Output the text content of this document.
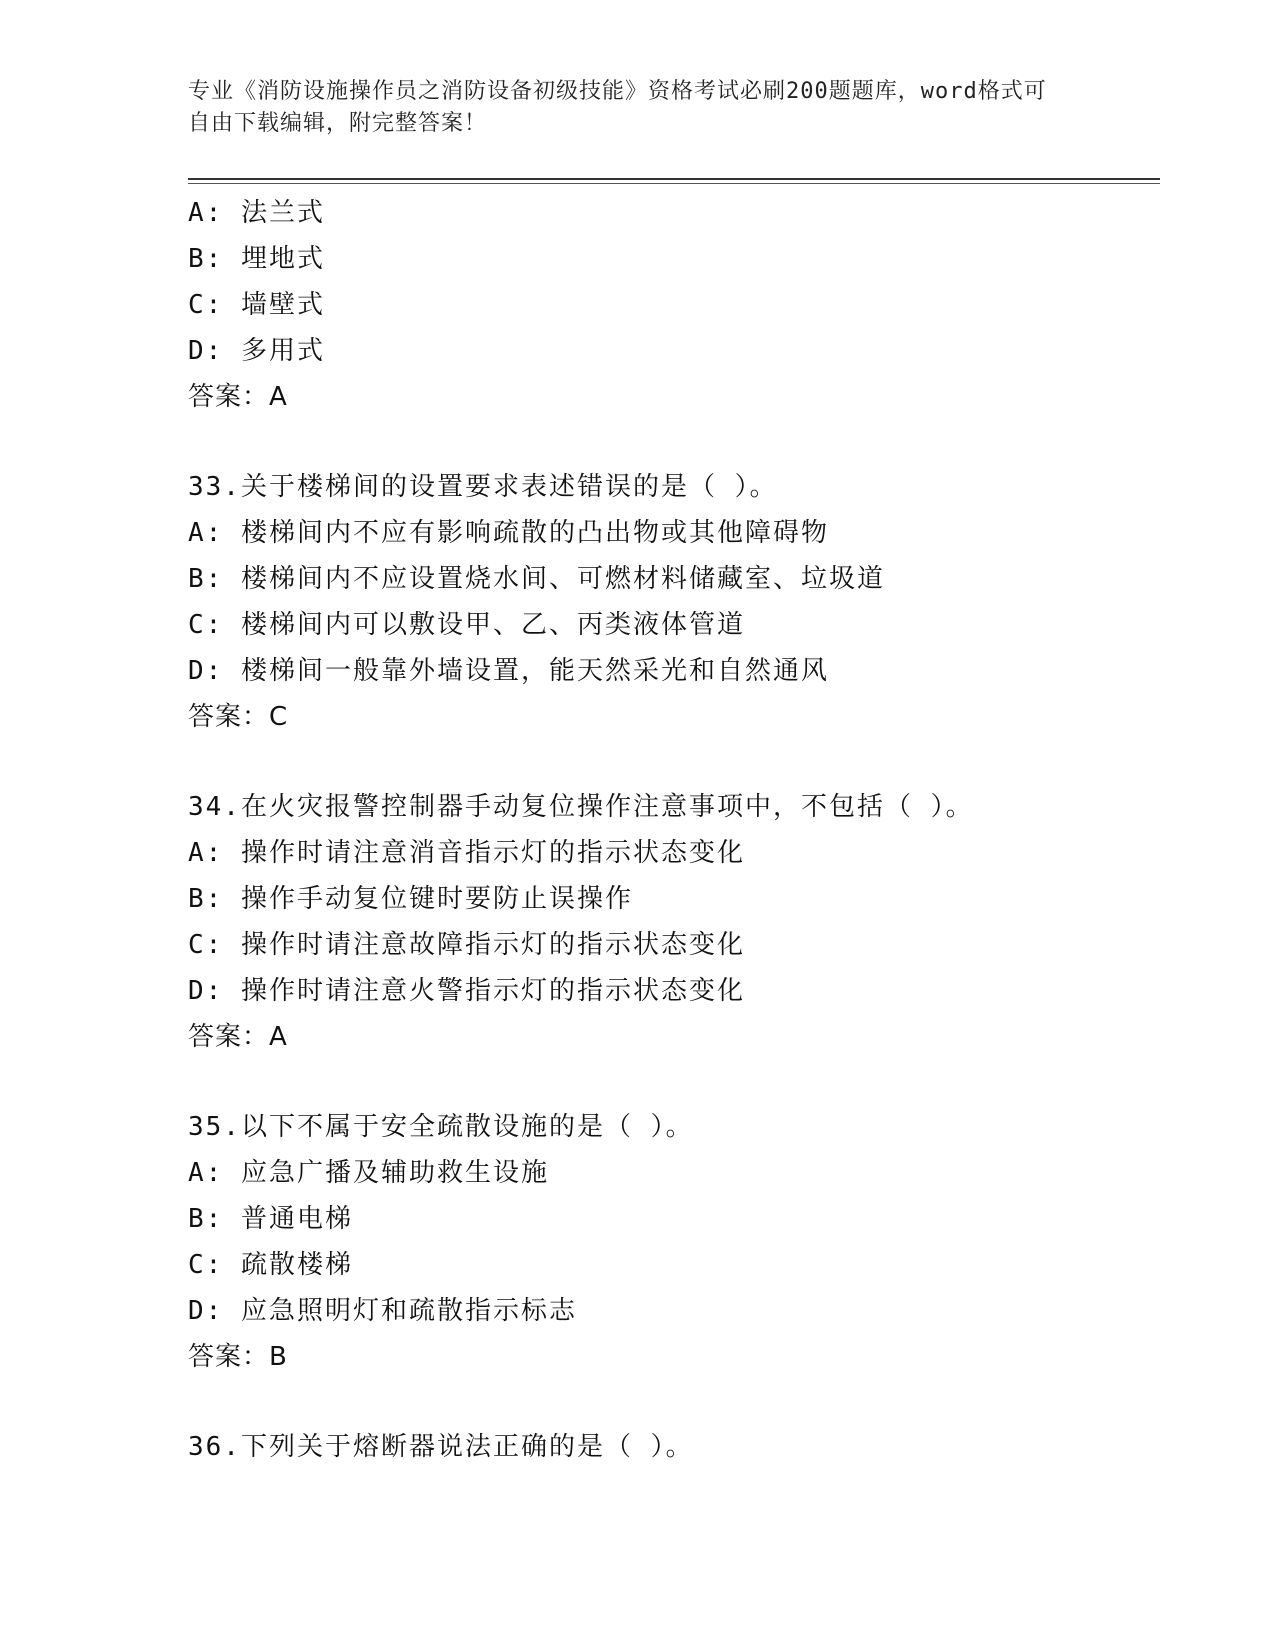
专业《消防设施操作员之消防设备初级技能》资格考试必刷200题题库，word格式可自由下载编辑，附完整答案！
A: 法兰式
B: 埋地式
C: 墙壁式
D: 多用式
答案：A
33.关于楼梯间的设置要求表述错误的是（ ）。
A: 楼梯间内不应有影响疏散的凸出物或其他障碍物
B: 楼梯间内不应设置烧水间、可燃材料储藏室、垃圾道
C: 楼梯间内可以敷设甲、乙、丙类液体管道
D: 楼梯间一般靠外墙设置，能天然采光和自然通风
答案：C
34.在火灾报警控制器手动复位操作注意事项中，不包括（ ）。
A: 操作时请注意消音指示灯的指示状态变化
B: 操作手动复位键时要防止误操作
C: 操作时请注意故障指示灯的指示状态变化
D: 操作时请注意火警指示灯的指示状态变化
答案：A
35.以下不属于安全疏散设施的是（ ）。
A: 应急广播及辅助救生设施
B: 普通电梯
C: 疏散楼梯
D: 应急照明灯和疏散指示标志
答案：B
36.下列关于熔断器说法正确的是（ ）。
